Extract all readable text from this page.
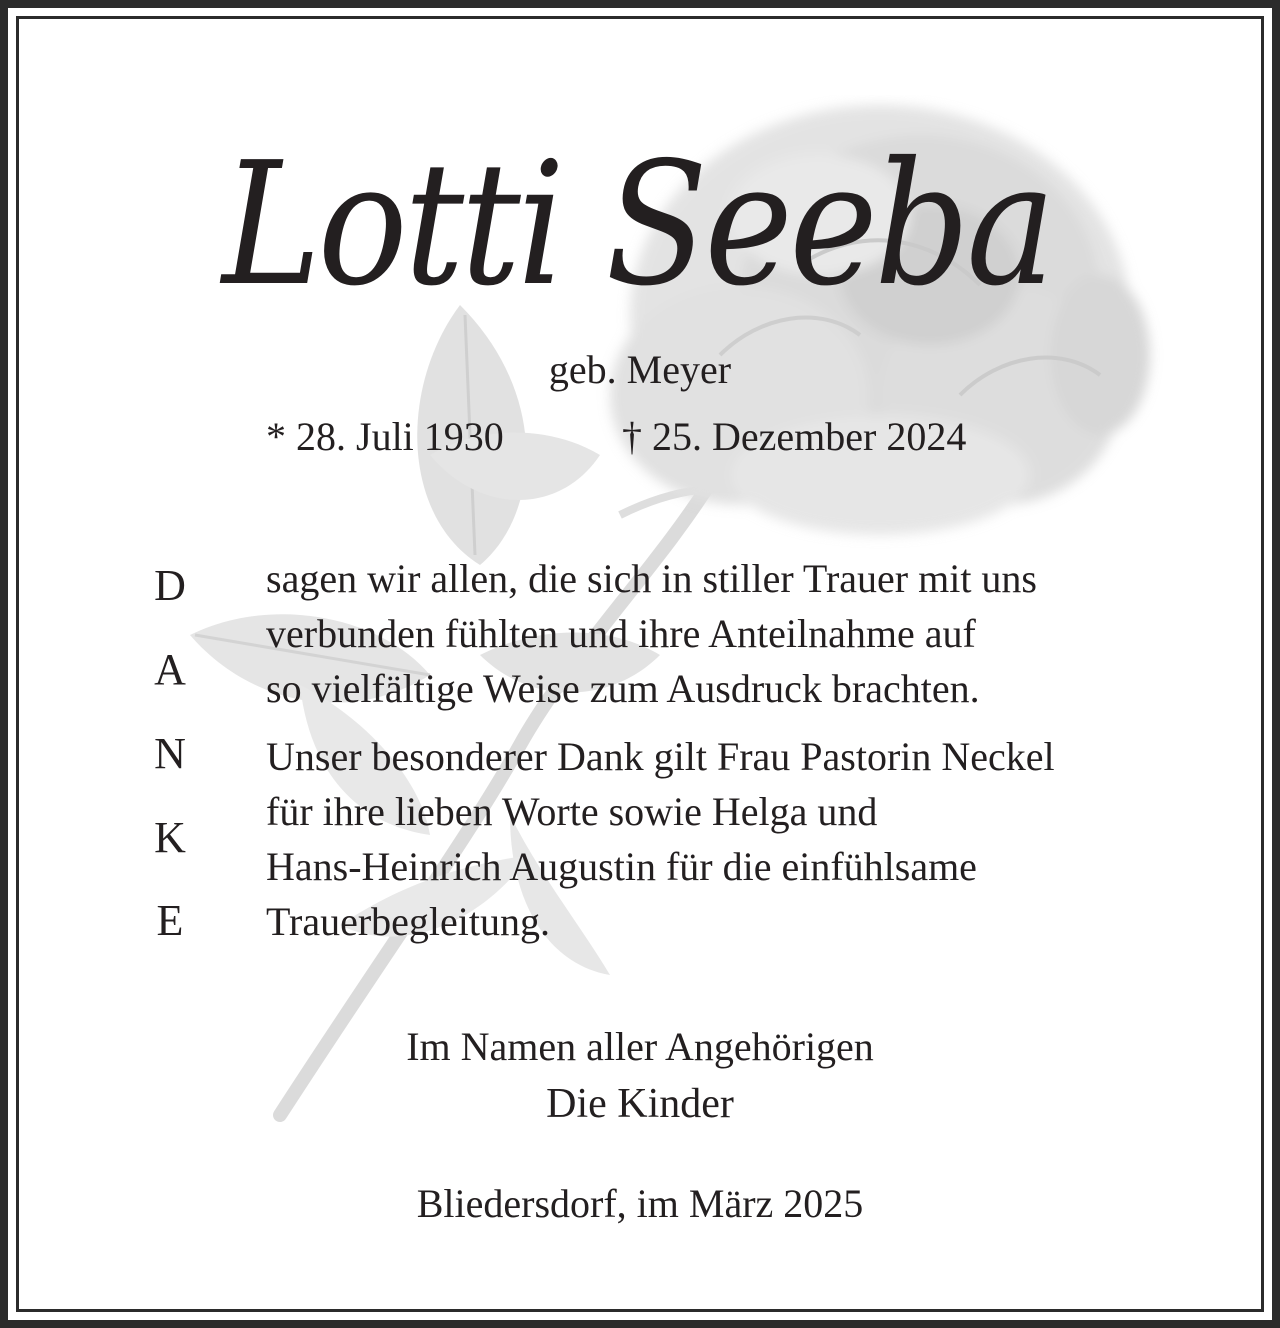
Lotti Seeba
geb. Meyer
* 28. Juli 1930	† 25. Dezember 2024
D
A
N
K
E
sagen wir allen, die sich in stiller Trauer mit uns
verbunden fühlten und ihre Anteilnahme auf
so vielfältige Weise zum Ausdruck brachten.
Unser besonderer Dank gilt Frau Pastorin Neckel
für ihre lieben Worte sowie Helga und
Hans-Heinrich Augustin für die einfühlsame
Trauerbegleitung.
Im Namen aller Angehörigen
Die Kinder
Bliedersdorf, im März 2025
